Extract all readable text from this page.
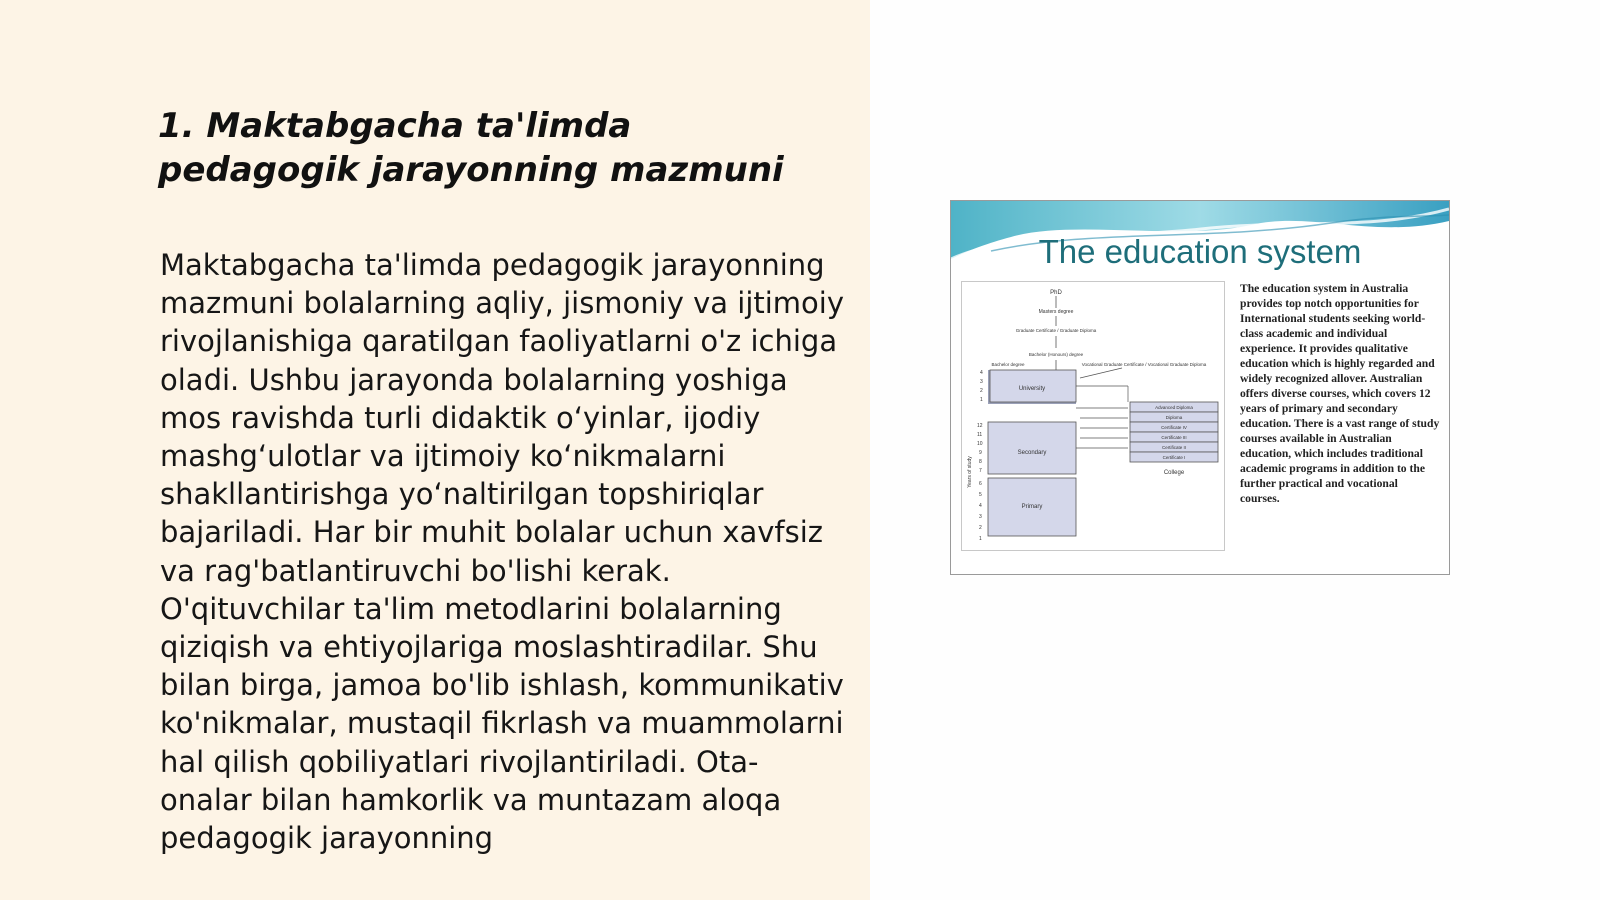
1. Maktabgacha ta'limda pedagogik jarayonning mazmuni

Maktabgacha ta'limda pedagogik jarayonning mazmuni bolalarning aqliy, jismoniy va ijtimoiy rivojlanishiga qaratilgan faoliyatlarni o'z ichiga oladi. Ushbu jarayonda bolalarning yoshiga mos ravishda turli didaktik o‘yinlar, ijodiy mashg‘ulotlar va ijtimoiy ko‘nikmalarni shakllantirishga yo‘naltirilgan topshiriqlar bajariladi. Har bir muhit bolalar uchun xavfsiz va rag'batlantiruvchi bo'lishi kerak. O'qituvchilar ta'lim metodlarini bolalarning qiziqish va ehtiyojlariga moslashtiradilar. Shu bilan birga, jamoa bo'lib ishlash, kommunikativ ko'nikmalar, mustaqil fikrlash va muammolarni hal qilish qobiliyatlari rivojlantiriladi. Ota-onalar bilan hamkorlik va muntazam aloqa pedagogik jarayonning

The education system
PhD
Masters degree
Graduate Certificate / Graduate Diploma
Bachelor (Honours) degree
Bachelor degree	Vocational Graduate Certificate / Vocational Graduate Diploma
4
3
2
1
12
11
10
9
8
7
6
5
4
3
2
1
Years of study
University
Secondary
Primary
Advanced Diploma
Diploma
Certificate IV
Certificate III
Certificate II
Certificate I
College

The education system in Australia provides top notch opportunities for International students seeking world-class academic and individual experience. It provides qualitative education which is highly regarded and widely recognized allover. Australian offers diverse courses, which covers 12 years of primary and secondary education. There is a vast range of study courses available in Australian education, which includes traditional academic programs in addition to the further practical and vocational courses.
